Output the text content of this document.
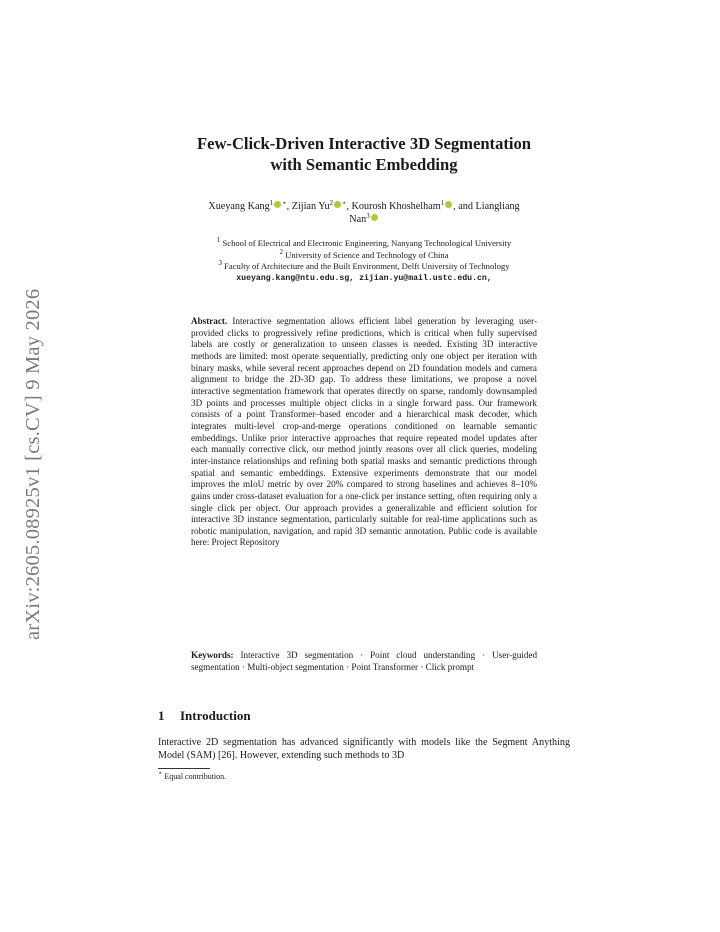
arXiv:2605.08925v1 [cs.CV] 9 May 2026
Few-Click-Driven Interactive 3D Segmentation
with Semantic Embedding
Xueyang Kang$^1$ ⋆, Zijian Yu$^2$ ⋆, Kourosh Khoshelham$^1$ , and Liangliang
Nan$^3$
$^1$ School of Electrical and Electronic Engineering, Nanyang Technological University
$^2$ University of Science and Technology of China
$^3$ Faculty of Architecture and the Built Environment, Delft University of Technology
xueyang.kang@ntu.edu.sg, zijian.yu@mail.ustc.edu.cn,
Abstract. Interactive segmentation allows efficient label generation by leveraging user-provided clicks to progressively refine predictions, which is critical when fully supervised labels are costly or generalization to unseen classes is needed. Existing 3D interactive methods are limited: most operate sequentially, predicting only one object per iteration with binary masks, while several recent approaches depend on 2D foundation models and camera alignment to bridge the 2D-3D gap. To address these limitations, we propose a novel interactive segmentation framework that operates directly on sparse, randomly downsampled 3D points and processes multiple object clicks in a single forward pass. Our framework consists of a point Transformer–based encoder and a hierarchical mask decoder, which integrates multi-level crop-and-merge operations conditioned on learnable semantic embeddings. Unlike prior interactive approaches that require repeated model updates after each manually corrective click, our method jointly reasons over all click queries, modeling inter-instance relationships and refining both spatial masks and semantic predictions through spatial and semantic embeddings. Extensive experiments demonstrate that our model improves the mIoU metric by over 20% compared to strong baselines and achieves 8–10% gains under cross-dataset evaluation for a one-click per instance setting, often requiring only a single click per object. Our approach provides a generalizable and efficient solution for interactive 3D instance segmentation, particularly suitable for real-time applications such as robotic manipulation, navigation, and rapid 3D semantic annotation. Public code is available here: Project Repository
Keywords: Interactive 3D segmentation · Point cloud understanding · User-guided segmentation · Multi-object segmentation · Point Transformer · Click prompt
1 Introduction
Interactive 2D segmentation has advanced significantly with models like the Segment Anything Model (SAM) [26]. However, extending such methods to 3D
⋆ Equal contribution.
